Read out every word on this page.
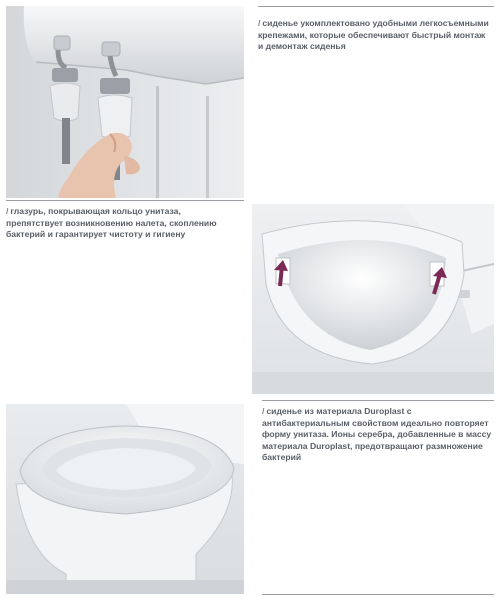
/ сиденье укомплектовано удобными легкосъемными крепежами, которые обеспечивают быстрый монтаж и демонтаж сиденья
/ глазурь, покрывающая кольцо унитаза, препятствует возникновению налета, скоплению бактерий и гарантирует чистоту и гигиену
/ сиденье из материала Duroplast с антибактериальным свойством идеально повторяет форму унитаза. Ионы серебра, добавленные в массу материала Duroplast, предотвращают размножение бактерий
